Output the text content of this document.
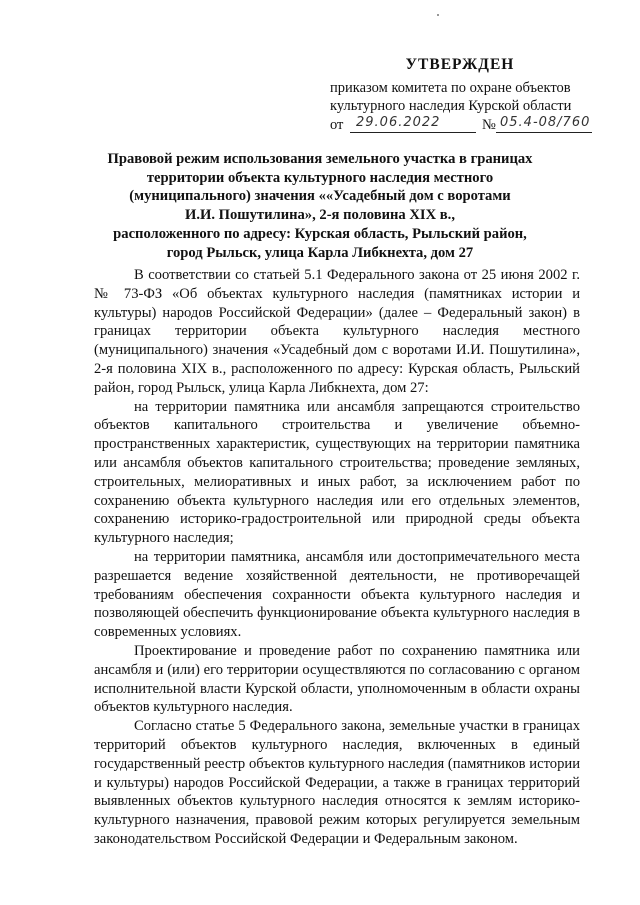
УТВЕРЖДЕН
приказом комитета по охране объектов
культурного наследия Курской области
от 29.06.2022	№ 05.4-08/760
Правовой режим использования земельного участка в границах
территории объекта культурного наследия местного
(муниципального) значения ««Усадебный дом с воротами
И.И. Пошутилина», 2-я половина XIX в.,
расположенного по адресу: Курская область, Рыльский район,
город Рыльск, улица Карла Либкнехта, дом 27

В соответствии со статьей 5.1 Федерального закона от 25 июня 2002 г. № 73-ФЗ «Об объектах культурного наследия (памятниках истории и культуры) народов Российской Федерации» (далее – Федеральный закон) в границах территории объекта культурного наследия местного (муниципального) значения «Усадебный дом с воротами И.И. Пошутилина», 2-я половина XIX в., расположенного по адресу: Курская область, Рыльский район, город Рыльск, улица Карла Либкнехта, дом 27:

на территории памятника или ансамбля запрещаются строительство объектов капитального строительства и увеличение объемно-пространственных характеристик, существующих на территории памятника или ансамбля объектов капитального строительства; проведение земляных, строительных, мелиоративных и иных работ, за исключением работ по сохранению объекта культурного наследия или его отдельных элементов, сохранению историко-градостроительной или природной среды объекта культурного наследия;

на территории памятника, ансамбля или достопримечательного места разрешается ведение хозяйственной деятельности, не противоречащей требованиям обеспечения сохранности объекта культурного наследия и позволяющей обеспечить функционирование объекта культурного наследия в современных условиях.

Проектирование и проведение работ по сохранению памятника или ансамбля и (или) его территории осуществляются по согласованию с органом исполнительной власти Курской области, уполномоченным в области охраны объектов культурного наследия.

Согласно статье 5 Федерального закона, земельные участки в границах территорий объектов культурного наследия, включенных в единый государственный реестр объектов культурного наследия (памятников истории и культуры) народов Российской Федерации, а также в границах территорий выявленных объектов культурного наследия относятся к землям историко-культурного назначения, правовой режим которых регулируется земельным законодательством Российской Федерации и Федеральным законом.
